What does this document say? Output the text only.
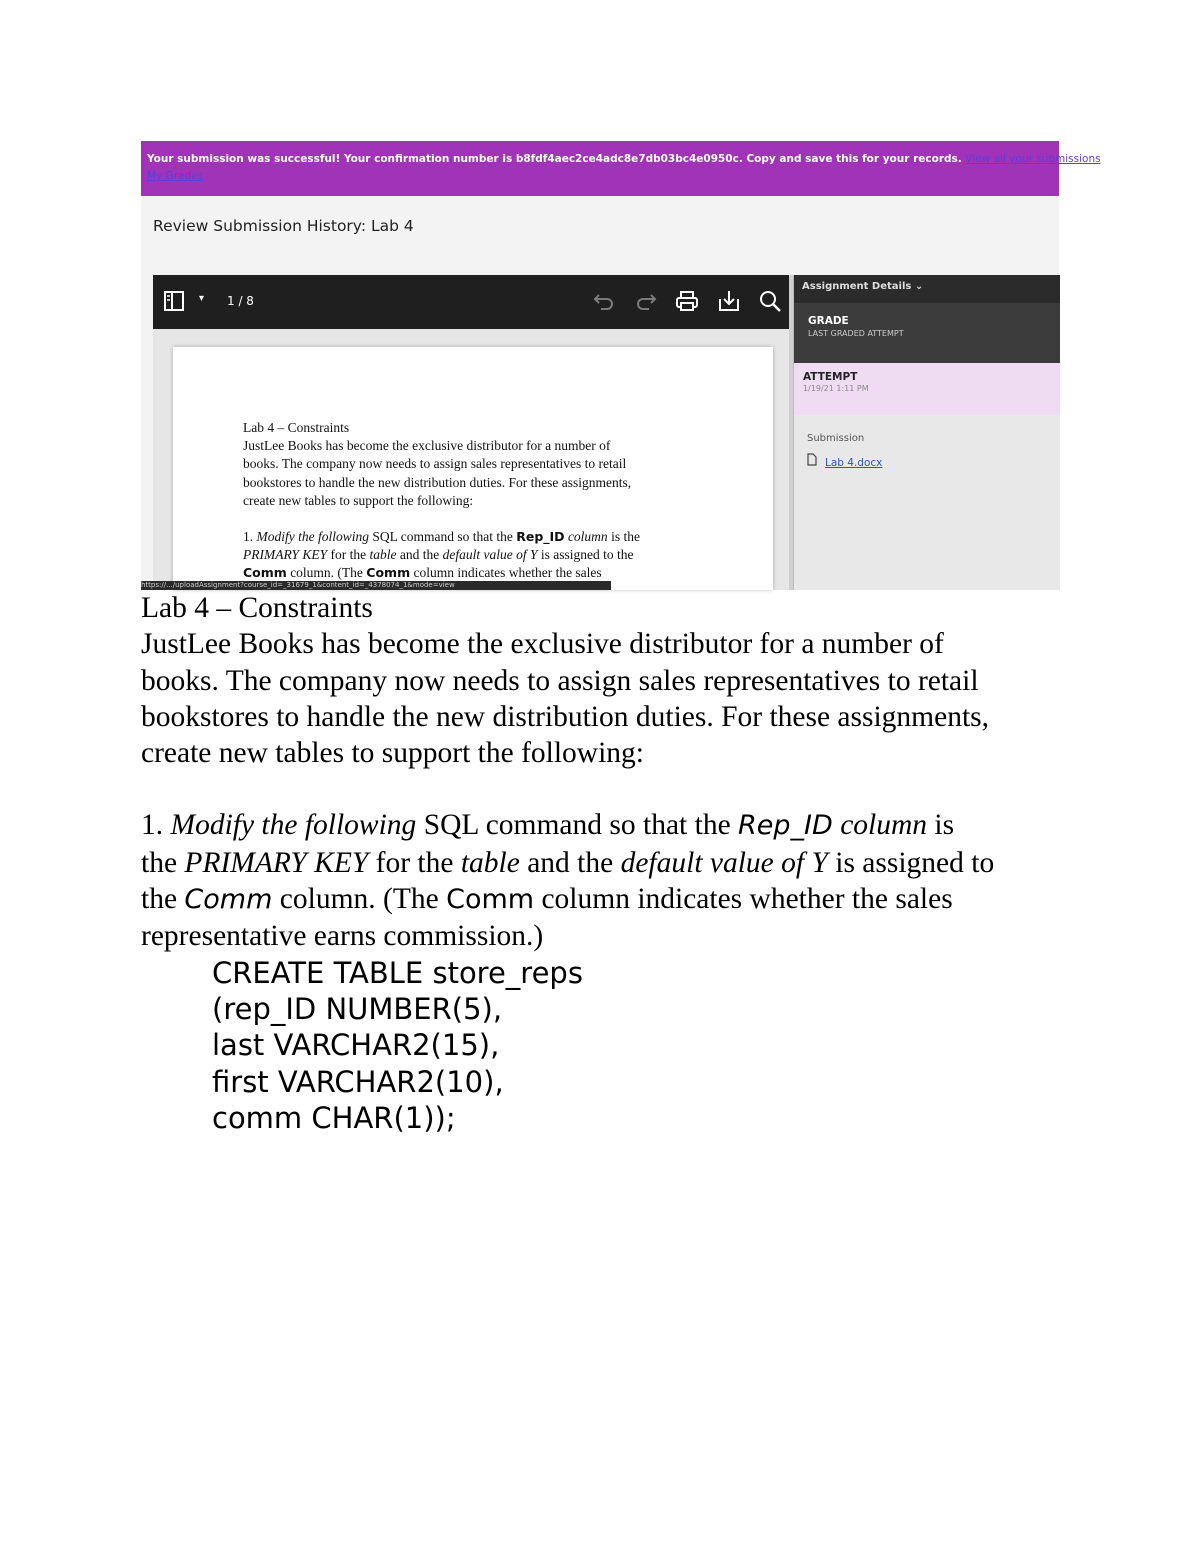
Your submission was successful! Your confirmation number is b8fdf4aec2ce4adc8e7db03bc4e0950c. Copy and save this for your records. View all your submissions
My Grades
Review Submission History: Lab 4
▾ 1 / 8

Lab 4 – Constraints

JustLee Books has become the exclusive distributor for a number of

books. The company now needs to assign sales representatives to retail

bookstores to handle the new distribution duties. For these assignments,

create new tables to support the following:

1. Modify the following SQL command so that the Rep_ID column is the

PRIMARY KEY for the table and the default value of Y is assigned to the

Comm column. (The Comm column indicates whether the sales

https://.../uploadAssignment?course_id=_31679_1&content_id=_4378074_1&mode=view
Assignment Details ⌄
GRADE
LAST GRADED ATTEMPT
ATTEMPT
1/19/21 1:11 PM
Submission
Lab 4.docx

Lab 4 – Constraints

JustLee Books has become the exclusive distributor for a number of

books. The company now needs to assign sales representatives to retail

bookstores to handle the new distribution duties. For these assignments,

create new tables to support the following:

1. Modify the following SQL command so that the Rep_ID column is

the PRIMARY KEY for the table and the default value of Y is assigned to

the Comm column. (The Comm column indicates whether the sales

representative earns commission.)

CREATE TABLE store_reps

(rep_ID NUMBER(5),

last VARCHAR2(15),

first VARCHAR2(10),

comm CHAR(1));
